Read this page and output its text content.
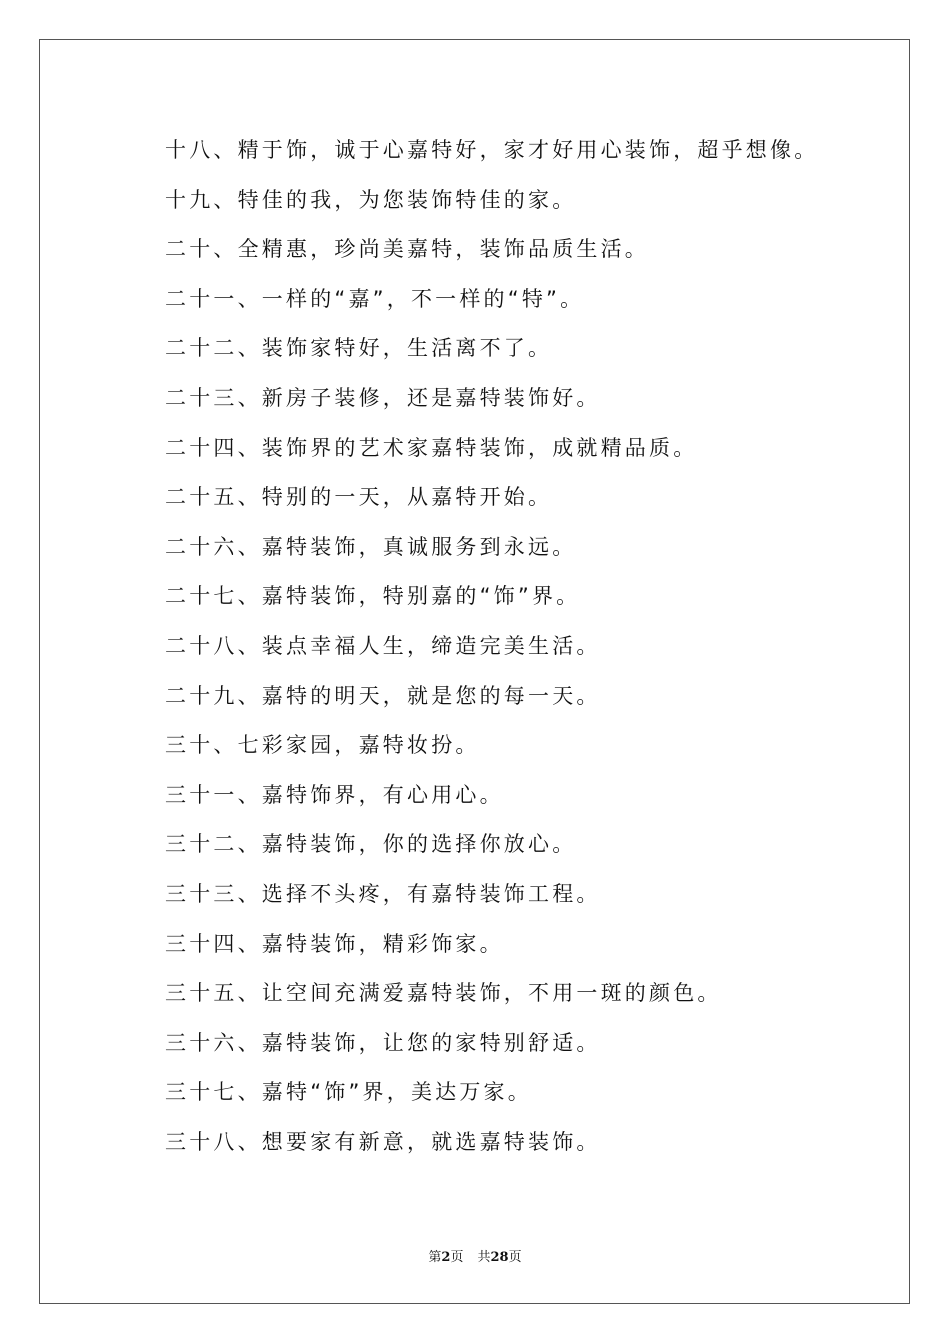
十八、精于饰，诚于心嘉特好，家才好用心装饰，超乎想像。
十九、特佳的我，为您装饰特佳的家。
二十、全精惠，珍尚美嘉特，装饰品质生活。
二十一、一样的“嘉”，不一样的“特”。
二十二、装饰家特好，生活离不了。
二十三、新房子装修，还是嘉特装饰好。
二十四、装饰界的艺术家嘉特装饰，成就精品质。
二十五、特别的一天，从嘉特开始。
二十六、嘉特装饰，真诚服务到永远。
二十七、嘉特装饰，特别嘉的“饰”界。
二十八、装点幸福人生，缔造完美生活。
二十九、嘉特的明天，就是您的每一天。
三十、七彩家园，嘉特妆扮。
三十一、嘉特饰界，有心用心。
三十二、嘉特装饰，你的选择你放心。
三十三、选择不头疼，有嘉特装饰工程。
三十四、嘉特装饰，精彩饰家。
三十五、让空间充满爱嘉特装饰，不用一斑的颜色。
三十六、嘉特装饰，让您的家特别舒适。
三十七、嘉特“饰”界，美达万家。
三十八、想要家有新意，就选嘉特装饰。
第2页 共28页
